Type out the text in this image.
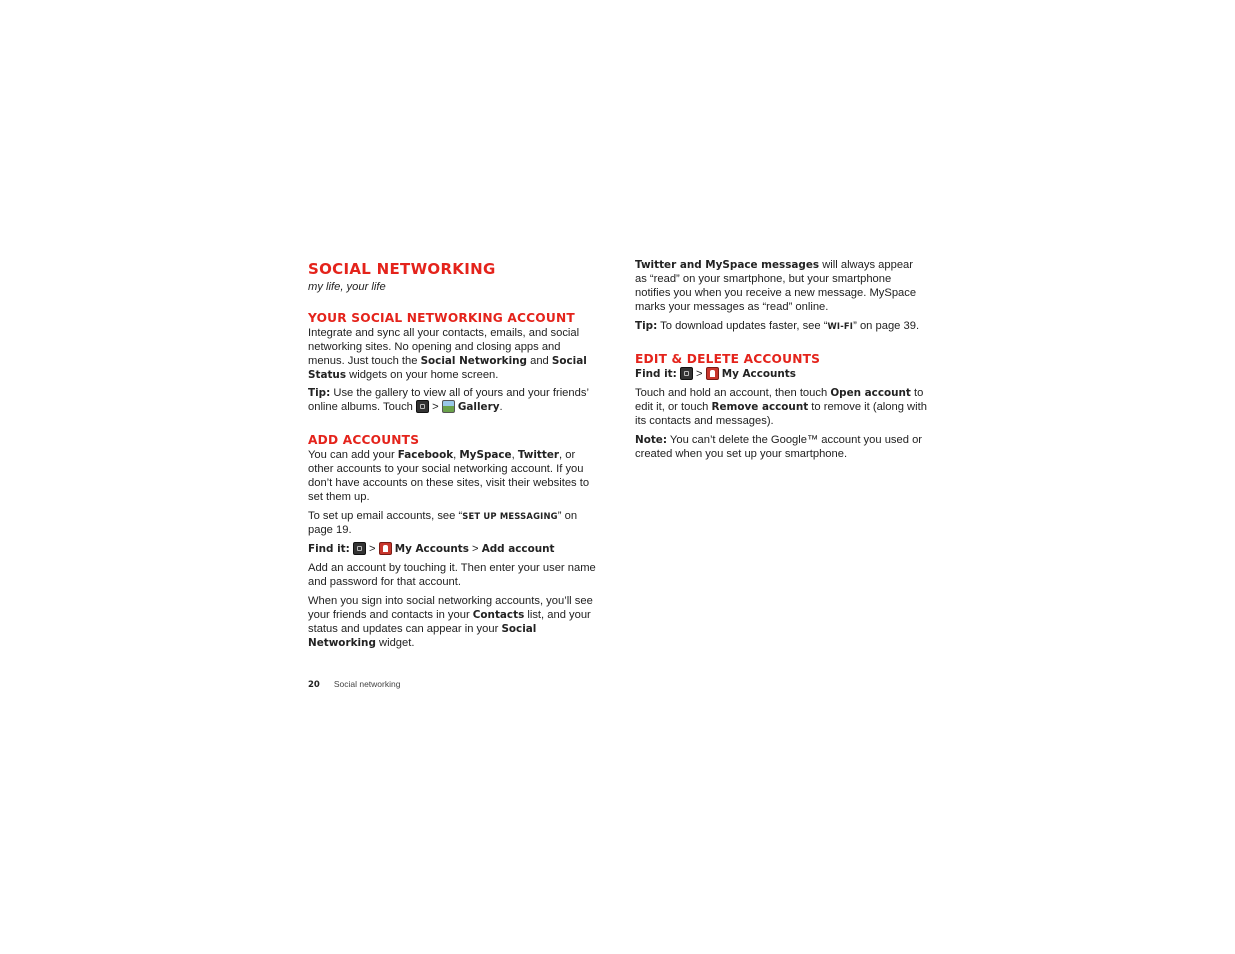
SOCIAL NETWORKING

my life, your life

YOUR SOCIAL NETWORKING ACCOUNT

Integrate and sync all your contacts, emails, and social networking sites. No opening and closing apps and menus. Just touch the Social Networking and Social Status widgets on your home screen.

Tip: Use the gallery to view all of yours and your friends’ online albums. Touch  >  Gallery.

ADD ACCOUNTS

You can add your Facebook, MySpace, Twitter, or other accounts to your social networking account. If you don’t have accounts on these sites, visit their websites to set them up.

To set up email accounts, see “SET UP MESSAGING” on page 19.

Find it:  >  My Accounts > Add account

Add an account by touching it. Then enter your user name and password for that account.

When you sign into social networking accounts, you’ll see your friends and contacts in your Contacts list, and your status and updates can appear in your Social Networking widget.

Twitter and MySpace messages will always appear as “read” on your smartphone, but your smartphone notifies you when you receive a new message. MySpace marks your messages as “read” online.

Tip: To download updates faster, see “WI-FI” on page 39.

EDIT & DELETE ACCOUNTS

Find it:  >  My Accounts

Touch and hold an account, then touch Open account to edit it, or touch Remove account to remove it (along with its contacts and messages).

Note: You can’t delete the Google™ account you used or created when you set up your smartphone.

20 Social networking
